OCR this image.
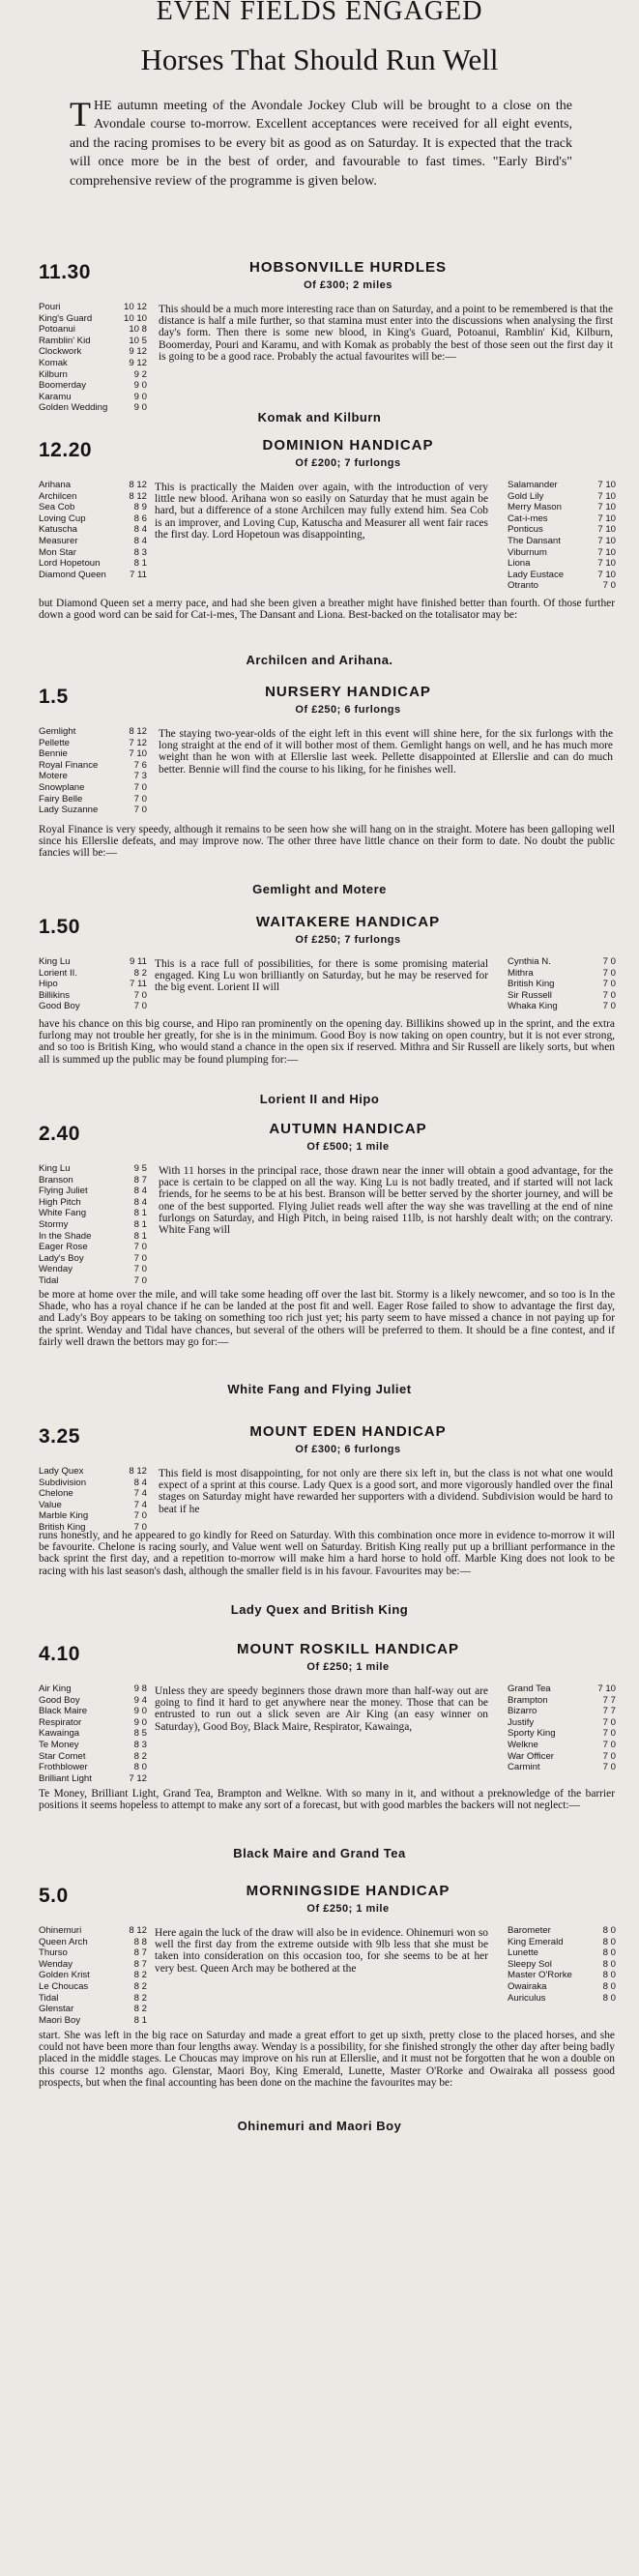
EVEN FIELDS ENGAGED
Horses That Should Run Well
THE autumn meeting of the Avondale Jockey Club will be brought to a close on the Avondale course to-morrow. Excellent acceptances were received for all eight events, and the racing promises to be every bit as good as on Saturday. It is expected that the track will once more be in the best of order, and favourable to fast times. "Early Bird's" comprehensive review of the programme is given below.
11.30	HOBSONVILLE HURDLES
Of £300; 2 miles
Pouri	10 12
King's Guard	10 10
Potoanui	10 8
Ramblin' Kid	10 5
Clockwork	9 12
Komak	9 12
Kilburn	9 2
Boomerday	9 0
Karamu	9 0
Golden Wedding	9 0
This should be a much more interesting race than on Saturday, and a point to be remembered is that the distance is half a mile further, so that stamina must enter into the discussions when analysing the first day's form. Then there is some new blood, in King's Guard, Potoanui, Ramblin' Kid, Kilburn, Boomerday, Pouri and Karamu, and with Komak as probably the best of those seen out the first day it is going to be a good race. Probably the actual favourites will be:—
Komak and Kilburn
12.20	DOMINION HANDICAP
Of £200; 7 furlongs
Arihana	8 12
Archilcen	8 12
Sea Cob	8 9
Loving Cup	8 6
Katuscha	8 4
Measurer	8 4
Mon Star	8 3
Lord Hopetoun	8 1
Diamond Queen	7 11
This is practically the Maiden over again, with the introduction of very little new blood. Arihana won so easily on Saturday that he must again be hard, but a difference of a stone Archilcen may fully extend him. Sea Cob is an improver, and Loving Cup, Katuscha and Measurer all went fair races the first day. Lord Hopetoun was disappointing,
Salamander	7 10
Gold Lily	7 10
Merry Mason	7 10
Cat-i-mes	7 10
Ponticus	7 10
The Dansant	7 10
Viburnum	7 10
Liona	7 10
Lady Eustace	7 10
Otranto	7 0
but Diamond Queen set a merry pace, and had she been given a breather might have finished better than fourth. Of those further down a good word can be said for Cat-i-mes, The Dansant and Liona. Best-backed on the totalisator may be:
Archilcen and Arihana.
1.5	NURSERY HANDICAP
Of £250; 6 furlongs
Gemlight	8 12
Pellette	7 12
Bennie	7 10
Royal Finance	7 6
Motere	7 3
Snowplane	7 0
Fairy Belle	7 0
Lady Suzanne	7 0
The staying two-year-olds of the eight left in this event will shine here, for the six furlongs with the long straight at the end of it will bother most of them. Gemlight hangs on well, and he has much more weight than he won with at Ellerslie last week. Pellette disappointed at Ellerslie and can do much better. Bennie will find the course to his liking, for he finishes well.
Royal Finance is very speedy, although it remains to be seen how she will hang on in the straight. Motere has been galloping well since his Ellerslie defeats, and may improve now. The other three have little chance on their form to date. No doubt the public fancies will be:—
Gemlight and Motere
1.50	WAITAKERE HANDICAP
Of £250; 7 furlongs
King Lu	9 11
Lorient II.	8 2
Hipo	7 11
Billikins	7 0
Good Boy	7 0
This is a race full of possibilities, for there is some promising material engaged. King Lu won brilliantly on Saturday, but he may be reserved for the big event. Lorient II will
Cynthia N.	7 0
Mithra	7 0
British King	7 0
Sir Russell	7 0
Whaka King	7 0
have his chance on this big course, and Hipo ran prominently on the opening day. Billikins showed up in the sprint, and the extra furlong may not trouble her greatly, for she is in the minimum. Good Boy is now taking on open country, but it is not ever strong, and so too is British King, who would stand a chance in the open six if reserved. Mithra and Sir Russell are likely sorts, but when all is summed up the public may be found plumping for:—
Lorient II and Hipo
2.40	AUTUMN HANDICAP
Of £500; 1 mile
King Lu	9 5
Branson	8 7
Flying Juliet	8 4
High Pitch	8 4
White Fang	8 1
Stormy	8 1
In the Shade	8 1
Eager Rose	7 0
Lady's Boy	7 0
Wenday	7 0
Tidal	7 0
With 11 horses in the principal race, those drawn near the inner will obtain a good advantage, for the pace is certain to be clapped on all the way. King Lu is not badly treated, and if started will not lack friends, for he seems to be at his best. Branson will be better served by the shorter journey, and will be one of the best supported. Flying Juliet reads well after the way she was travelling at the end of nine furlongs on Saturday, and High Pitch, in being raised 11lb, is not harshly dealt with; on the contrary. White Fang will
be more at home over the mile, and will take some heading off over the last bit. Stormy is a likely newcomer, and so too is In the Shade, who has a royal chance if he can be landed at the post fit and well. Eager Rose failed to show to advantage the first day, and Lady's Boy appears to be taking on something too rich just yet; his party seem to have missed a chance in not paying up for the sprint. Wenday and Tidal have chances, but several of the others will be preferred to them. It should be a fine contest, and if fairly well drawn the bettors may go for:—
White Fang and Flying Juliet
3.25	MOUNT EDEN HANDICAP
Of £300; 6 furlongs
Lady Quex	8 12
Subdivision	8 4
Chelone	7 4
Value	7 4
Marble King	7 0
British King	7 0
This field is most disappointing, for not only are there six left in, but the class is not what one would expect of a sprint at this course. Lady Quex is a good sort, and more vigorously handled over the final stages on Saturday might have rewarded her supporters with a dividend. Subdivision would be hard to beat if he
runs honestly, and he appeared to go kindly for Reed on Saturday. With this combination once more in evidence to-morrow it will be favourite. Chelone is racing sourly, and Value went well on Saturday. British King really put up a brilliant performance in the back sprint the first day, and a repetition to-morrow will make him a hard horse to hold off. Marble King does not look to be racing with his last season's dash, although the smaller field is in his favour. Favourites may be:—
Lady Quex and British King
4.10	MOUNT ROSKILL HANDICAP
Of £250; 1 mile
Air King	9 8
Good Boy	9 4
Black Maire	9 0
Respirator	9 0
Kawainga	8 5
Te Money	8 3
Star Comet	8 2
Frothblower	8 0
Brilliant Light	7 12
Unless they are speedy beginners those drawn more than half-way out are going to find it hard to get anywhere near the money. Those that can be entrusted to run out a slick seven are Air King (an easy winner on Saturday), Good Boy, Black Maire, Respirator, Kawainga,
Grand Tea	7 10
Brampton	7 7
Bizarro	7 7
Justify	7 0
Sporty King	7 0
Welkne	7 0
War Officer	7 0
Carmint	7 0
Te Money, Brilliant Light, Grand Tea, Brampton and Welkne. With so many in it, and without a preknowledge of the barrier positions it seems hopeless to attempt to make any sort of a forecast, but with good marbles the backers will not neglect:—
Black Maire and Grand Tea
5.0	MORNINGSIDE HANDICAP
Of £250; 1 mile
Ohinemuri	8 12
Queen Arch	8 8
Thurso	8 7
Wenday	8 7
Golden Krist	8 2
Le Choucas	8 2
Tidal	8 2
Glenstar	8 2
Maori Boy	8 1
Here again the luck of the draw will also be in evidence. Ohinemuri won so well the first day from the extreme outside with 9lb less that she must be taken into consideration on this occasion too, for she seems to be at her very best. Queen Arch may be bothered at the
Barometer	8 0
King Emerald	8 0
Lunette	8 0
Sleepy Sol	8 0
Master O'Rorke	8 0
Owairaka	8 0
Auriculus	8 0
start. She was left in the big race on Saturday and made a great effort to get up sixth, pretty close to the placed horses, and she could not have been more than four lengths away. Wenday is a possibility, for she finished strongly the other day after being badly placed in the middle stages. Le Choucas may improve on his run at Ellerslie, and it must not be forgotten that he won a double on this course 12 months ago. Glenstar, Maori Boy, King Emerald, Lunette, Master O'Rorke and Owairaka all possess good prospects, but when the final accounting has been done on the machine the favourites may be:
Ohinemuri and Maori Boy
